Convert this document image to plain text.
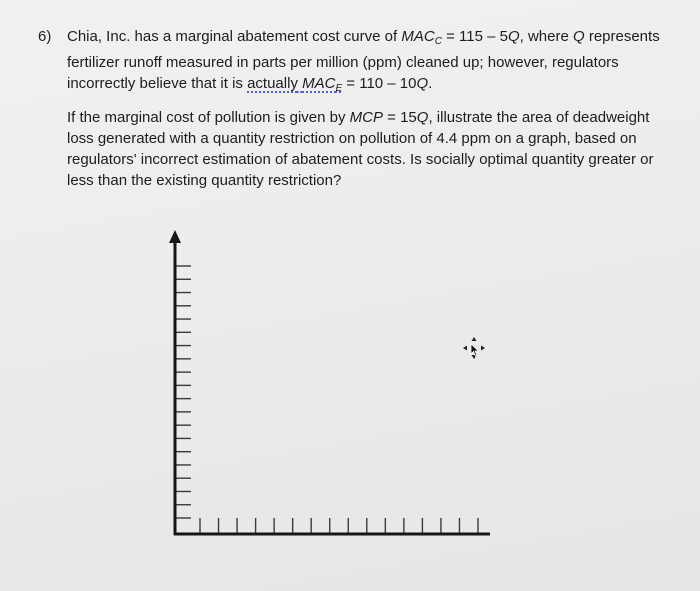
6) Chia, Inc. has a marginal abatement cost curve of $MAC_C = 115 - 5Q$, where Q represents fertilizer runoff measured in parts per million (ppm) cleaned up; however, regulators incorrectly believe that it is actually $MAC_E = 110 - 10Q$.
If the marginal cost of pollution is given by MCP = 15Q, illustrate the area of deadweight loss generated with a quantity restriction on pollution of 4.4 ppm on a graph, based on regulators' incorrect estimation of abatement costs. Is socially optimal quantity greater or less than the existing quantity restriction?
